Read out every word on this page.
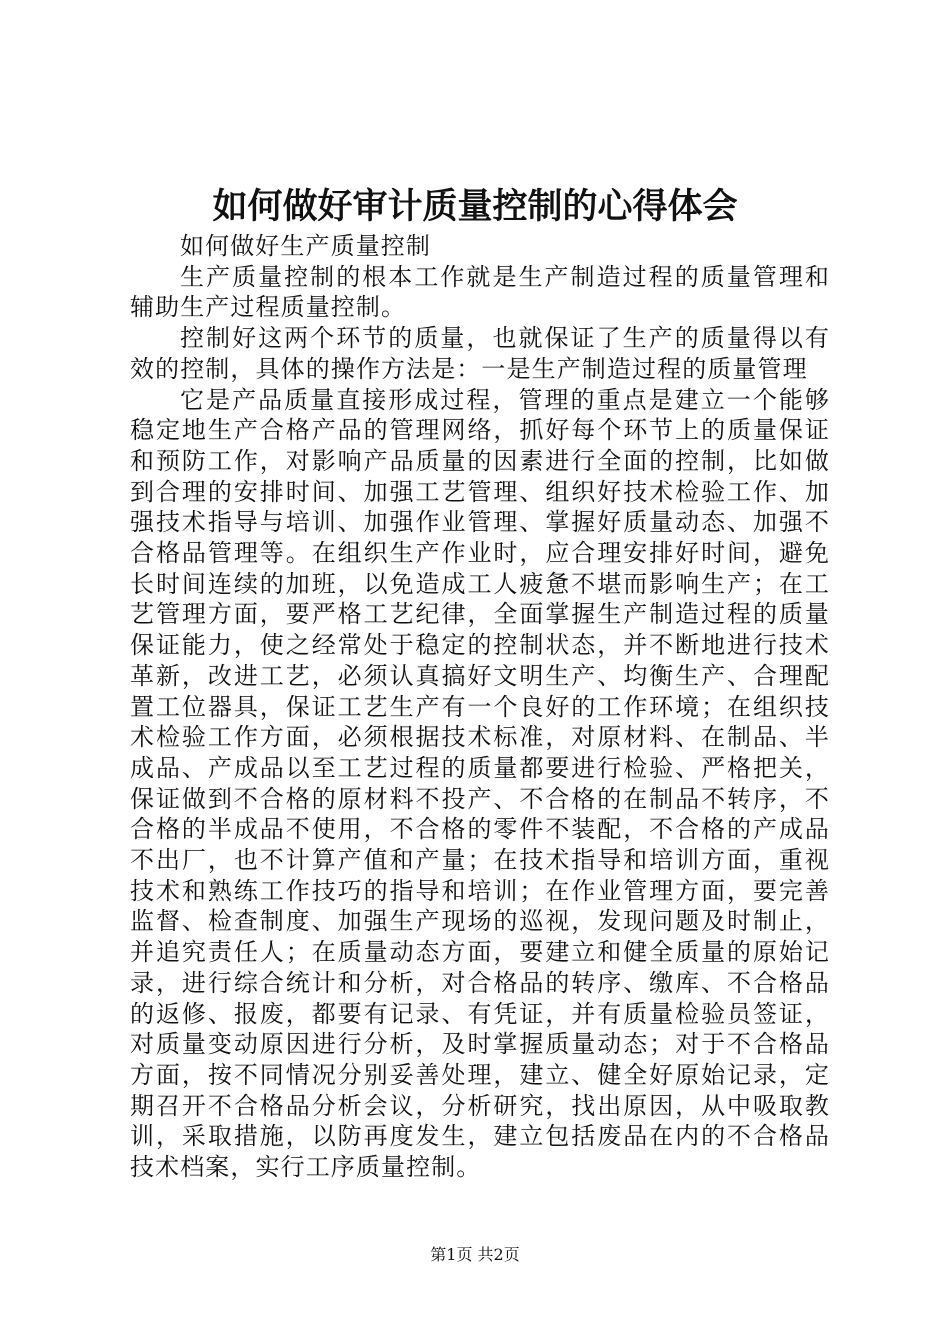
如何做好审计质量控制的心得体会

如何做好生产质量控制

生产质量控制的根本工作就是生产制造过程的质量管理和辅助生产过程质量控制。

控制好这两个环节的质量，也就保证了生产的质量得以有效的控制，具体的操作方法是：一是生产制造过程的质量管理

它是产品质量直接形成过程，管理的重点是建立一个能够稳定地生产合格产品的管理网络，抓好每个环节上的质量保证和预防工作，对影响产品质量的因素进行全面的控制，比如做到合理的安排时间、加强工艺管理、组织好技术检验工作、加强技术指导与培训、加强作业管理、掌握好质量动态、加强不合格品管理等。在组织生产作业时，应合理安排好时间，避免长时间连续的加班，以免造成工人疲惫不堪而影响生产；在工艺管理方面，要严格工艺纪律，全面掌握生产制造过程的质量保证能力，使之经常处于稳定的控制状态，并不断地进行技术革新，改进工艺，必须认真搞好文明生产、均衡生产、合理配置工位器具，保证工艺生产有一个良好的工作环境；在组织技术检验工作方面，必须根据技术标准，对原材料、在制品、半成品、产成品以至工艺过程的质量都要进行检验、严格把关，保证做到不合格的原材料不投产、不合格的在制品不转序，不合格的半成品不使用，不合格的零件不装配，不合格的产成品不出厂，也不计算产值和产量；在技术指导和培训方面，重视技术和熟练工作技巧的指导和培训；在作业管理方面，要完善监督、检查制度、加强生产现场的巡视，发现问题及时制止，并追究责任人；在质量动态方面，要建立和健全质量的原始记录，进行综合统计和分析，对合格品的转序、缴库、不合格品的返修、报废，都要有记录、有凭证，并有质量检验员签证，对质量变动原因进行分析，及时掌握质量动态；对于不合格品方面，按不同情况分别妥善处理，建立、健全好原始记录，定期召开不合格品分析会议，分析研究，找出原因，从中吸取教训，采取措施，以防再度发生，建立包括废品在内的不合格品技术档案，实行工序质量控制。

第1页 共2页
